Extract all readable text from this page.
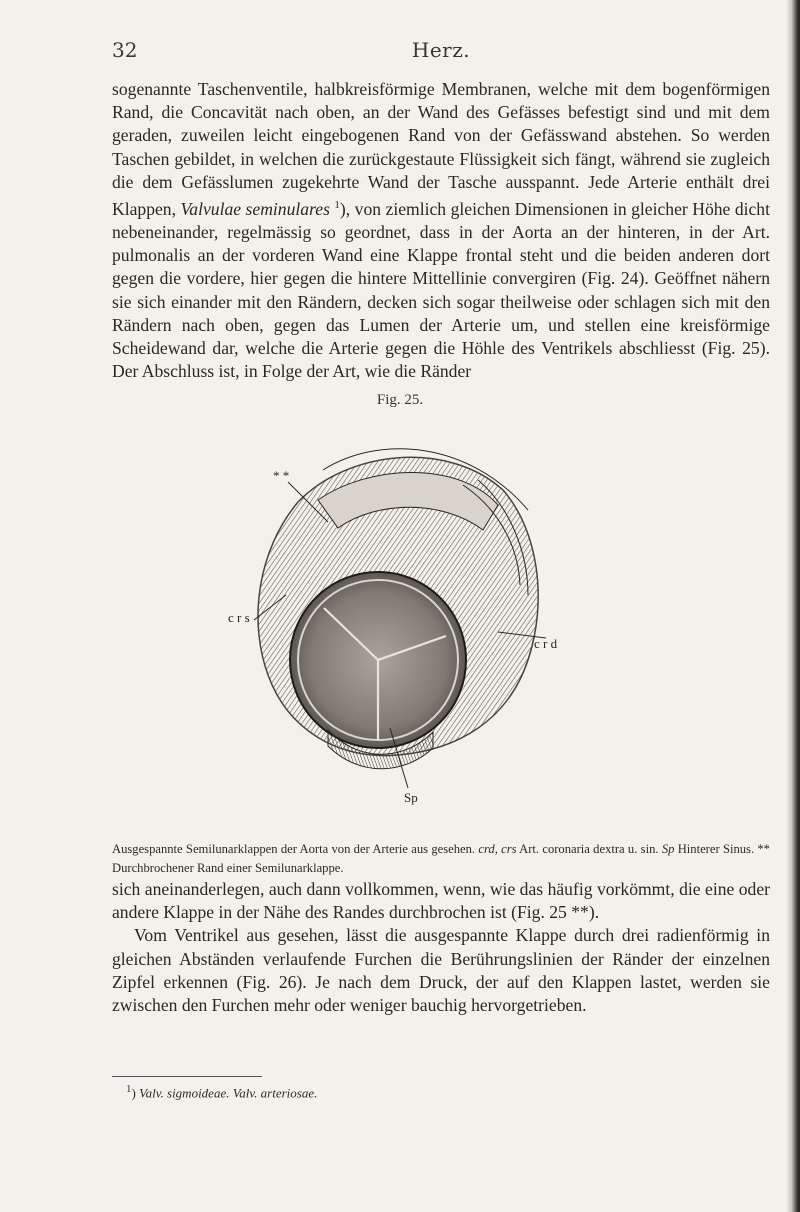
32	Herz.

sogenannte Taschenventile, halbkreisförmige Membranen, welche mit dem bogenförmigen Rand, die Concavität nach oben, an der Wand des Gefässes befestigt sind und mit dem geraden, zuweilen leicht eingebogenen Rand von der Gefässwand abstehen. So werden Taschen gebildet, in welchen die zurückgestaute Flüssigkeit sich fängt, während sie zugleich die dem Gefässlumen zugekehrte Wand der Tasche ausspannt. Jede Arterie enthält drei Klappen, Valvulae seminulares $^1$), von ziemlich gleichen Dimensionen in gleicher Höhe dicht nebeneinander, regelmässig so geordnet, dass in der Aorta an der hinteren, in der Art. pulmonalis an der vorderen Wand eine Klappe frontal steht und die beiden anderen dort gegen die vordere, hier gegen die hintere Mittellinie convergiren (Fig. 24). Geöffnet nähern sie sich einander mit den Rändern, decken sich sogar theilweise oder schlagen sich mit den Rändern nach oben, gegen das Lumen der Arterie um, und stellen eine kreisförmige Scheidewand dar, welche die Arterie gegen die Höhle des Ventrikels abschliesst (Fig. 25). Der Abschluss ist, in Folge der Art, wie die Ränder

Fig. 25.
* *
c r s
c r d
Sp
Ausgespannte Semilunarklappen der Aorta von der Arterie aus gesehen. crd, crs Art. coronaria dextra u. sin. Sp Hinterer Sinus. ** Durchbrochener Rand einer Semilunarklappe.

sich aneinanderlegen, auch dann vollkommen, wenn, wie das häufig vorkömmt, die eine oder andere Klappe in der Nähe des Randes durchbrochen ist (Fig. 25 **).

Vom Ventrikel aus gesehen, lässt die ausgespannte Klappe durch drei radienförmig in gleichen Abständen verlaufende Furchen die Berührungslinien der Ränder der einzelnen Zipfel erkennen (Fig. 26). Je nach dem Druck, der auf den Klappen lastet, werden sie zwischen den Furchen mehr oder weniger bauchig hervorgetrieben.

$^1$) Valv. sigmoideae. Valv. arteriosae.
